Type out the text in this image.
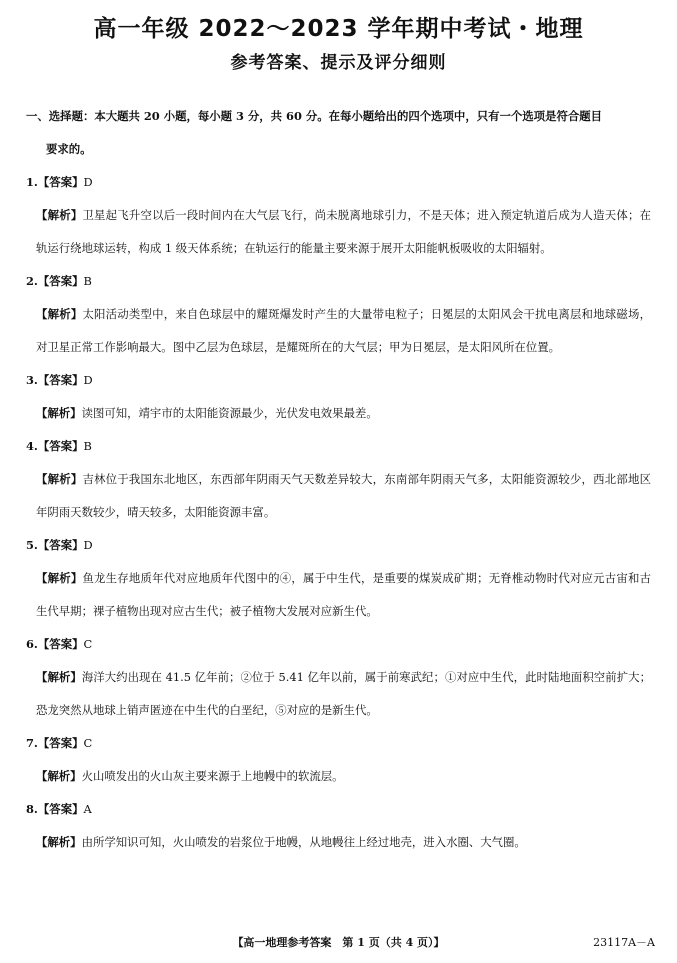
高一年级 2022～2023 学年期中考试・地理
参考答案、提示及评分细则

一、选择题：本大题共 20 小题，每小题 3 分，共 60 分。在每小题给出的四个选项中，只有一个选项是符合题目
要求的。

1.【答案】D

【解析】卫星起飞升空以后一段时间内在大气层飞行，尚未脱离地球引力，不是天体；进入预定轨道后成为人造天体；在轨运行绕地球运转，构成 1 级天体系统；在轨运行的能量主要来源于展开太阳能帆板吸收的太阳辐射。

2.【答案】B

【解析】太阳活动类型中，来自色球层中的耀斑爆发时产生的大量带电粒子；日冕层的太阳风会干扰电离层和地球磁场，对卫星正常工作影响最大。图中乙层为色球层，是耀斑所在的大气层；甲为日冕层，是太阳风所在位置。

3.【答案】D

【解析】读图可知，靖宇市的太阳能资源最少，光伏发电效果最差。

4.【答案】B

【解析】吉林位于我国东北地区，东西部年阴雨天气天数差异较大，东南部年阴雨天气多，太阳能资源较少，西北部地区年阴雨天数较少，晴天较多，太阳能资源丰富。

5.【答案】D

【解析】鱼龙生存地质年代对应地质年代图中的④，属于中生代，是重要的煤炭成矿期；无脊椎动物时代对应元古宙和古生代早期；裸子植物出现对应古生代；被子植物大发展对应新生代。

6.【答案】C

【解析】海洋大约出现在 41.5 亿年前；②位于 5.41 亿年以前，属于前寒武纪；①对应中生代，此时陆地面积空前扩大；恐龙突然从地球上销声匿迹在中生代的白垩纪，⑤对应的是新生代。

7.【答案】C

【解析】火山喷发出的火山灰主要来源于上地幔中的软流层。

8.【答案】A

【解析】由所学知识可知，火山喷发的岩浆位于地幔，从地幔往上经过地壳，进入水圈、大气圈。

【高一地理参考答案　第 1 页（共 4 页）】	23117A－A
